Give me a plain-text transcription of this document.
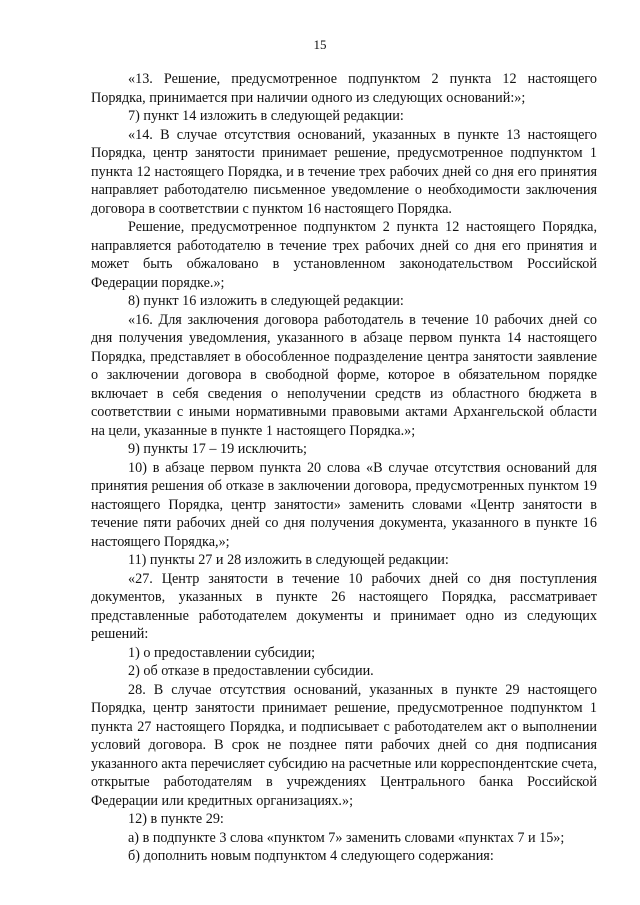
15

«13. Решение, предусмотренное подпунктом 2 пункта 12 настоящего Порядка, принимается при наличии одного из следующих оснований:»;

7) пункт 14 изложить в следующей редакции:

«14. В случае отсутствия оснований, указанных в пункте 13 настоящего Порядка, центр занятости принимает решение, предусмотренное подпунктом 1 пункта 12 настоящего Порядка, и в течение трех рабочих дней со дня его принятия направляет работодателю письменное уведомление о необходимости заключения договора в соответствии с пунктом 16 настоящего Порядка.

Решение, предусмотренное подпунктом 2 пункта 12 настоящего Порядка, направляется работодателю в течение трех рабочих дней со дня его принятия и может быть обжаловано в установленном законодательством Российской Федерации порядке.»;

8) пункт 16 изложить в следующей редакции:

«16. Для заключения договора работодатель в течение 10 рабочих дней со дня получения уведомления, указанного в абзаце первом пункта 14 настоящего Порядка, представляет в обособленное подразделение центра занятости заявление о заключении договора в свободной форме, которое в обязательном порядке включает в себя сведения о неполучении средств из областного бюджета в соответствии с иными нормативными правовыми актами Архангельской области на цели, указанные в пункте 1 настоящего Порядка.»;

9) пункты 17 – 19 исключить;

10) в абзаце первом пункта 20 слова «В случае отсутствия оснований для принятия решения об отказе в заключении договора, предусмотренных пунктом 19 настоящего Порядка, центр занятости» заменить словами «Центр занятости в течение пяти рабочих дней со дня получения документа, указанного в пункте 16 настоящего Порядка,»;

11) пункты 27 и 28 изложить в следующей редакции:

«27. Центр занятости в течение 10 рабочих дней со дня поступления документов, указанных в пункте 26 настоящего Порядка, рассматривает представленные работодателем документы и принимает одно из следующих решений:

1) о предоставлении субсидии;

2) об отказе в предоставлении субсидии.

28. В случае отсутствия оснований, указанных в пункте 29 настоящего Порядка, центр занятости принимает решение, предусмотренное подпунктом 1 пункта 27 настоящего Порядка, и подписывает с работодателем акт о выполнении условий договора. В срок не позднее пяти рабочих дней со дня подписания указанного акта перечисляет субсидию на расчетные или корреспондентские счета, открытые работодателям в учреждениях Центрального банка Российской Федерации или кредитных организациях.»;

12) в пункте 29:

а) в подпункте 3 слова «пунктом 7» заменить словами «пунктах 7 и 15»;

б) дополнить новым подпунктом 4 следующего содержания:
